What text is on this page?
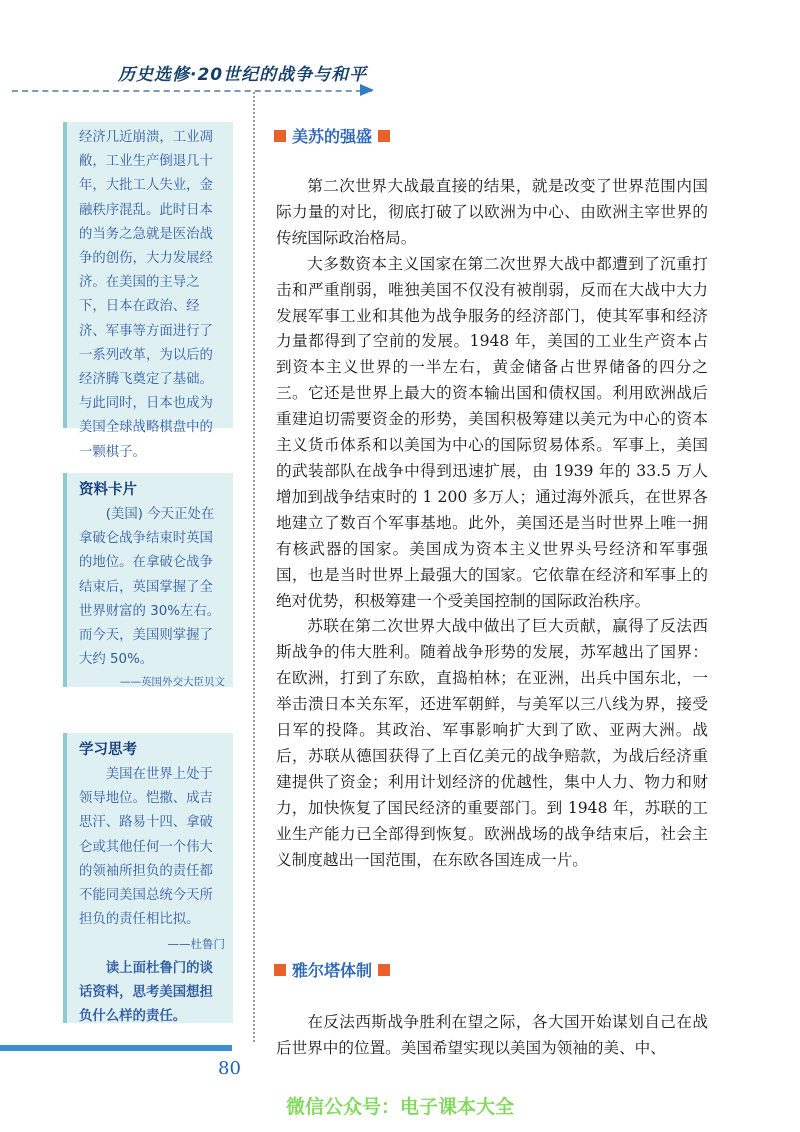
历史选修·20世纪的战争与和平

经济几近崩溃，工业凋敝，工业生产倒退几十年，大批工人失业，金融秩序混乱。此时日本的当务之急就是医治战争的创伤，大力发展经济。在美国的主导之下，日本在政治、经济、军事等方面进行了一系列改革，为以后的经济腾飞奠定了基础。与此同时，日本也成为美国全球战略棋盘中的一颗棋子。

资料卡片

(美国) 今天正处在拿破仑战争结束时英国的地位。在拿破仑战争结束后，英国掌握了全世界财富的 30%左右。而今天，美国则掌握了大约 50%。

——英国外交大臣贝文
学习思考

美国在世界上处于领导地位。恺撒、成吉思汗、路易十四、拿破仑或其他任何一个伟大的领袖所担负的责任都不能同美国总统今天所担负的责任相比拟。

——杜鲁门

读上面杜鲁门的谈话资料，思考美国想担负什么样的责任。

美苏的强盛

第二次世界大战最直接的结果，就是改变了世界范围内国际力量的对比，彻底打破了以欧洲为中心、由欧洲主宰世界的传统国际政治格局。

大多数资本主义国家在第二次世界大战中都遭到了沉重打击和严重削弱，唯独美国不仅没有被削弱，反而在大战中大力发展军事工业和其他为战争服务的经济部门，使其军事和经济力量都得到了空前的发展。1948 年，美国的工业生产资本占到资本主义世界的一半左右，黄金储备占世界储备的四分之三。它还是世界上最大的资本输出国和债权国。利用欧洲战后重建迫切需要资金的形势，美国积极筹建以美元为中心的资本主义货币体系和以美国为中心的国际贸易体系。军事上，美国的武装部队在战争中得到迅速扩展，由 1939 年的 33.5 万人增加到战争结束时的 1 200 多万人；通过海外派兵，在世界各地建立了数百个军事基地。此外，美国还是当时世界上唯一拥有核武器的国家。美国成为资本主义世界头号经济和军事强国，也是当时世界上最强大的国家。它依靠在经济和军事上的绝对优势，积极筹建一个受美国控制的国际政治秩序。

苏联在第二次世界大战中做出了巨大贡献，赢得了反法西斯战争的伟大胜利。随着战争形势的发展，苏军越出了国界：在欧洲，打到了东欧，直捣柏林；在亚洲，出兵中国东北，一举击溃日本关东军，还进军朝鲜，与美军以三八线为界，接受日军的投降。其政治、军事影响扩大到了欧、亚两大洲。战后，苏联从德国获得了上百亿美元的战争赔款，为战后经济重建提供了资金；利用计划经济的优越性，集中人力、物力和财力，加快恢复了国民经济的重要部门。到 1948 年，苏联的工业生产能力已全部得到恢复。欧洲战场的战争结束后，社会主义制度越出一国范围，在东欧各国连成一片。

雅尔塔体制

在反法西斯战争胜利在望之际，各大国开始谋划自己在战后世界中的位置。美国希望实现以美国为领袖的美、中、

80
微信公众号：电子课本大全
